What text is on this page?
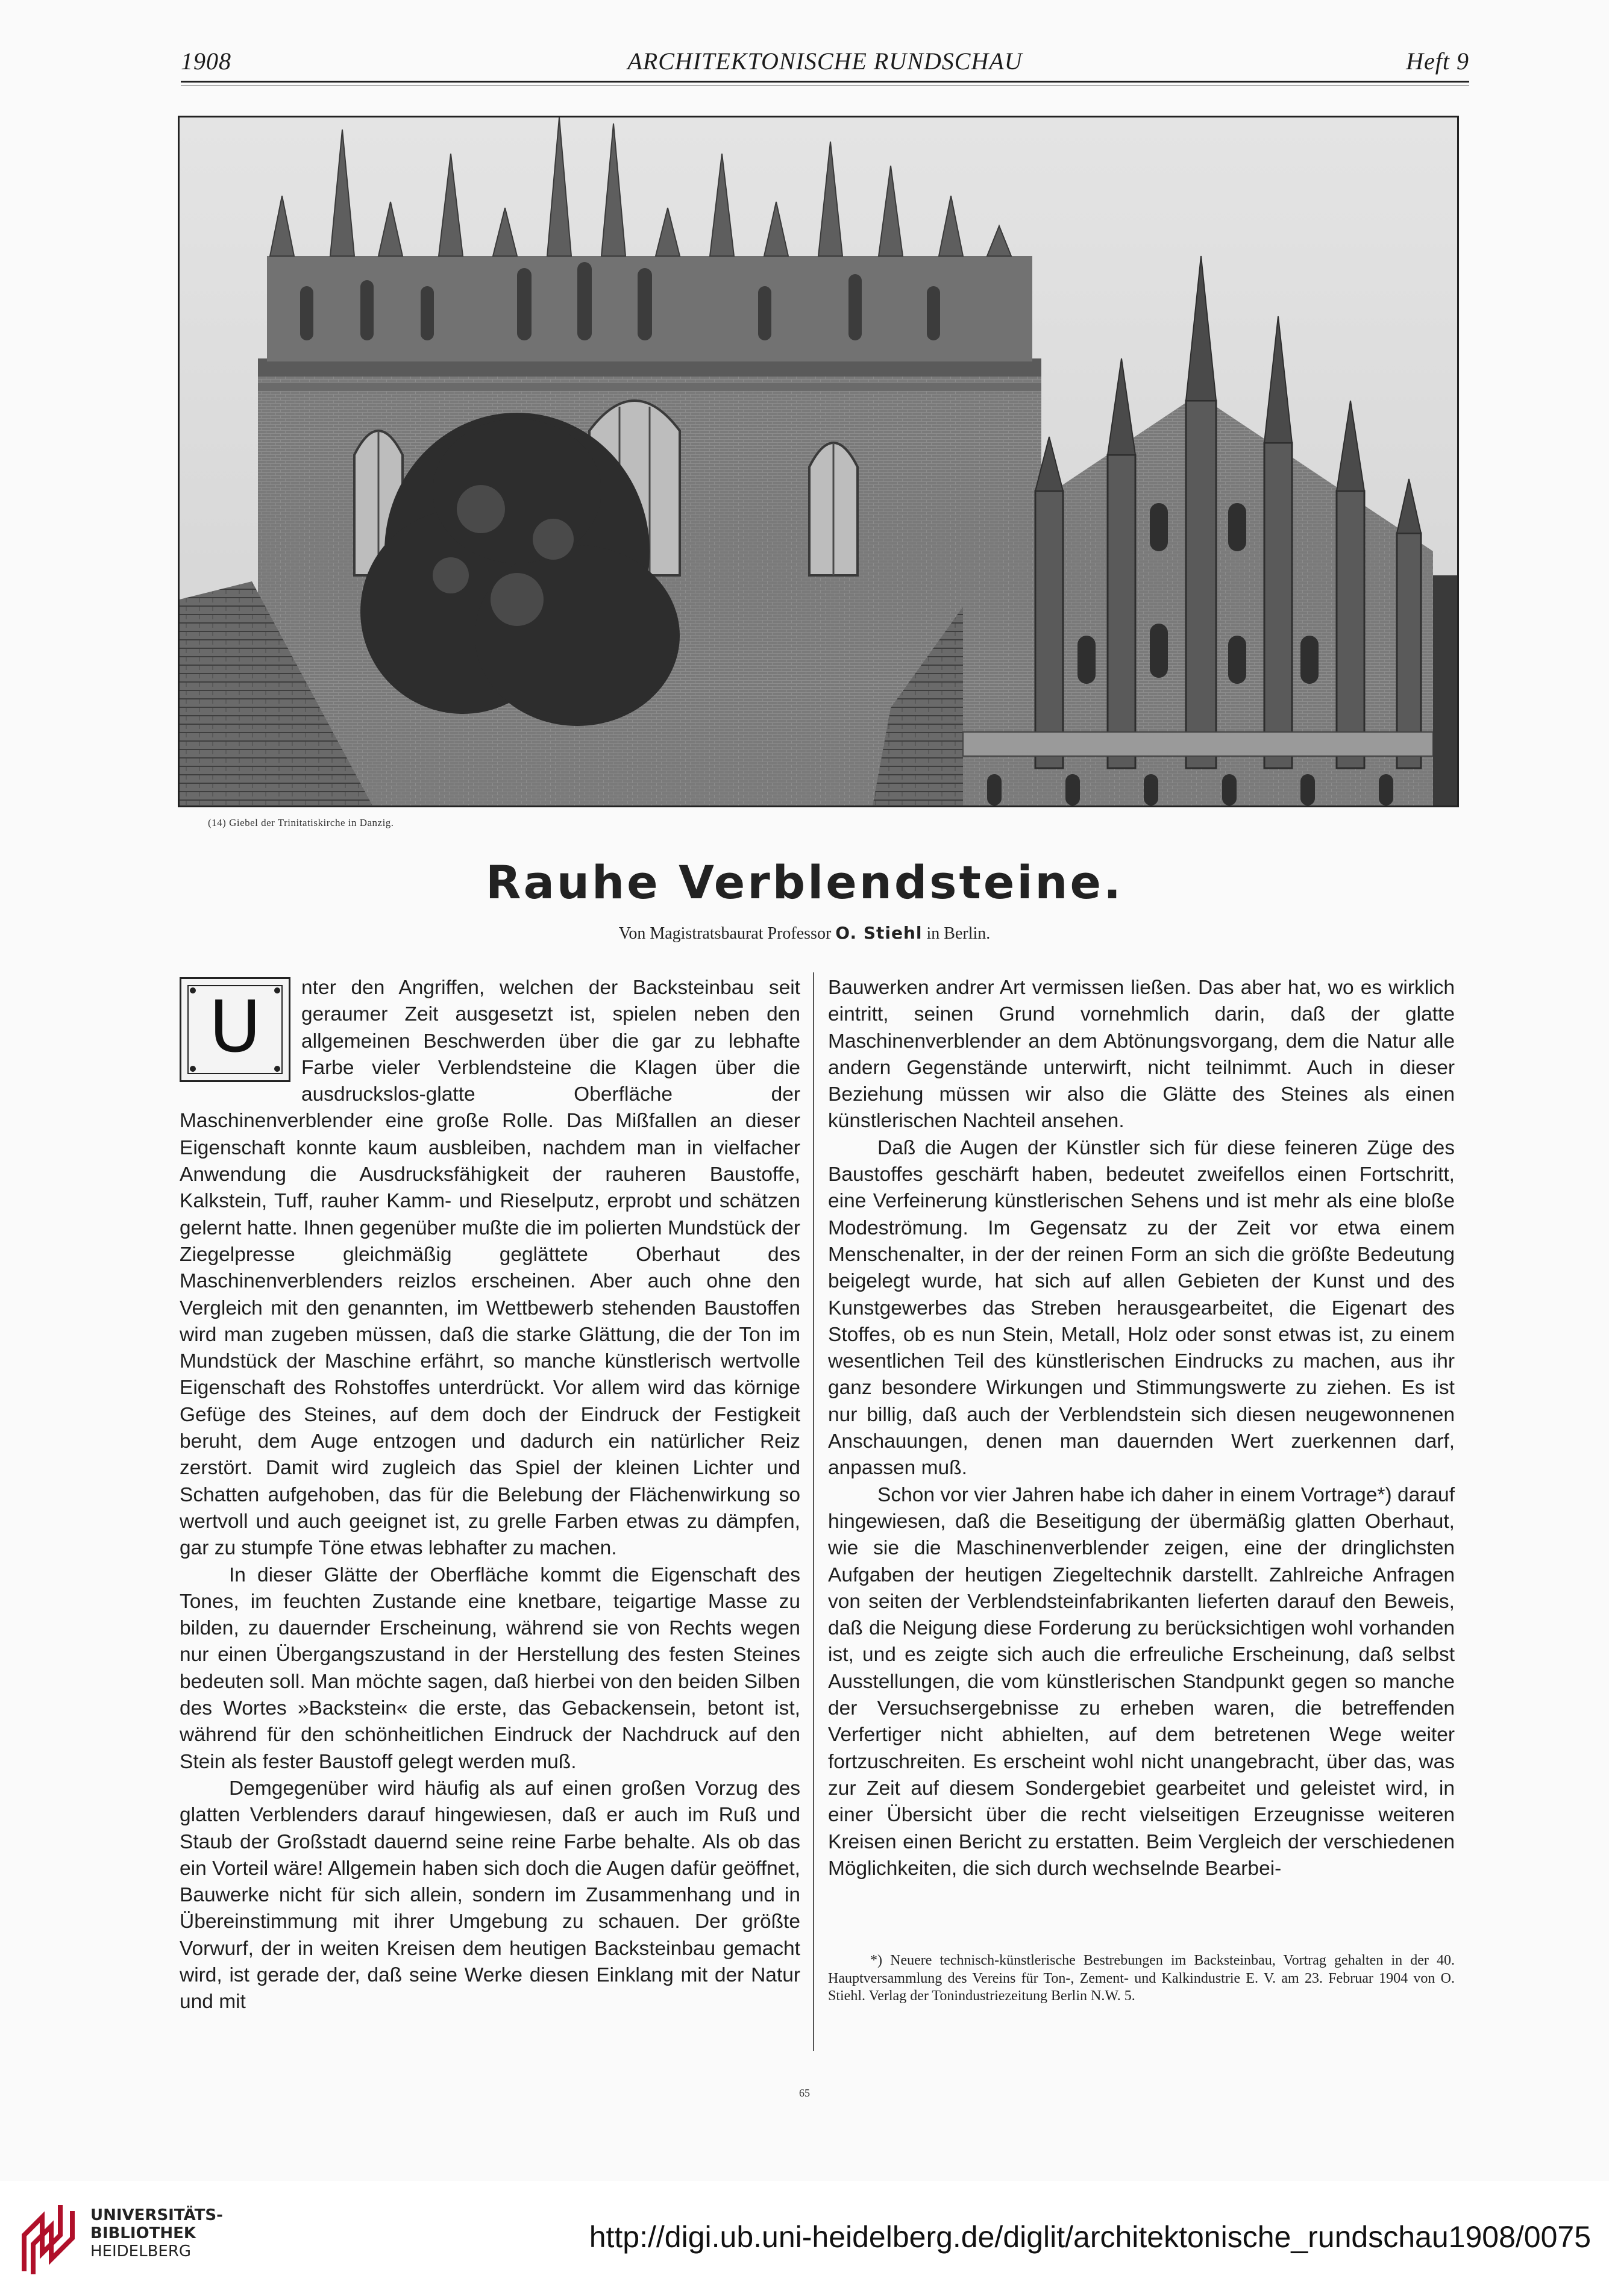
1908	ARCHITEKTONISCHE RUNDSCHAU	Heft 9
(14) Giebel der Trinitatiskirche in Danzig.
Rauhe Verblendsteine.
Von Magistratsbaurat Professor O. Stiehl in Berlin.
U	nter den Angriffen, welchen der Backsteinbau seit geraumer Zeit ausgesetzt ist, spielen neben den allgemeinen Beschwerden über die gar zu lebhafte Farbe vieler Verblendsteine die Klagen über die ausdruckslos-glatte Oberfläche der Maschinenverblender eine große Rolle. Das Mißfallen an dieser Eigenschaft konnte kaum ausbleiben, nachdem man in vielfacher Anwendung die Ausdrucksfähigkeit der rauheren Baustoffe, Kalkstein, Tuff, rauher Kamm- und Rieselputz, erprobt und schätzen gelernt hatte. Ihnen gegenüber mußte die im polierten Mundstück der Ziegelpresse gleichmäßig geglättete Oberhaut des Maschinenverblenders reizlos erscheinen. Aber auch ohne den Vergleich mit den genannten, im Wettbewerb stehenden Baustoffen wird man zugeben müssen, daß die starke Glättung, die der Ton im Mundstück der Maschine erfährt, so manche künstlerisch wertvolle Eigenschaft des Rohstoffes unterdrückt. Vor allem wird das körnige Gefüge des Steines, auf dem doch der Eindruck der Festigkeit beruht, dem Auge entzogen und dadurch ein natürlicher Reiz zerstört. Damit wird zugleich das Spiel der kleinen Lichter und Schatten aufgehoben, das für die Belebung der Flächenwirkung so wertvoll und auch geeignet ist, zu grelle Farben etwas zu dämpfen, gar zu stumpfe Töne etwas lebhafter zu machen.

In dieser Glätte der Oberfläche kommt die Eigenschaft des Tones, im feuchten Zustande eine knetbare, teigartige Masse zu bilden, zu dauernder Erscheinung, während sie von Rechts wegen nur einen Übergangszustand in der Herstellung des festen Steines bedeuten soll. Man möchte sagen, daß hierbei von den beiden Silben des Wortes »Backstein« die erste, das Gebackensein, betont ist, während für den schönheitlichen Eindruck der Nachdruck auf den Stein als fester Baustoff gelegt werden muß.

Demgegenüber wird häufig als auf einen großen Vorzug des glatten Verblenders darauf hingewiesen, daß er auch im Ruß und Staub der Großstadt dauernd seine reine Farbe behalte. Als ob das ein Vorteil wäre! Allgemein haben sich doch die Augen dafür geöffnet, Bauwerke nicht für sich allein, sondern im Zusammenhang und in Übereinstimmung mit ihrer Umgebung zu schauen. Der größte Vorwurf, der in weiten Kreisen dem heutigen Backsteinbau gemacht wird, ist gerade der, daß seine Werke diesen Einklang mit der Natur und mit

Bauwerken andrer Art vermissen ließen. Das aber hat, wo es wirklich eintritt, seinen Grund vornehmlich darin, daß der glatte Maschinenverblender an dem Abtönungsvorgang, dem die Natur alle andern Gegenstände unterwirft, nicht teilnimmt. Auch in dieser Beziehung müssen wir also die Glätte des Steines als einen künstlerischen Nachteil ansehen.

Daß die Augen der Künstler sich für diese feineren Züge des Baustoffes geschärft haben, bedeutet zweifellos einen Fortschritt, eine Verfeinerung künstlerischen Sehens und ist mehr als eine bloße Modeströmung. Im Gegensatz zu der Zeit vor etwa einem Menschenalter, in der der reinen Form an sich die größte Bedeutung beigelegt wurde, hat sich auf allen Gebieten der Kunst und des Kunstgewerbes das Streben herausgearbeitet, die Eigenart des Stoffes, ob es nun Stein, Metall, Holz oder sonst etwas ist, zu einem wesentlichen Teil des künstlerischen Eindrucks zu machen, aus ihr ganz besondere Wirkungen und Stimmungswerte zu ziehen. Es ist nur billig, daß auch der Verblendstein sich diesen neugewonnenen Anschauungen, denen man dauernden Wert zuerkennen darf, anpassen muß.

Schon vor vier Jahren habe ich daher in einem Vortrage*) darauf hingewiesen, daß die Beseitigung der übermäßig glatten Oberhaut, wie sie die Maschinenverblender zeigen, eine der dringlichsten Aufgaben der heutigen Ziegeltechnik darstellt. Zahlreiche Anfragen von seiten der Verblendsteinfabrikanten lieferten darauf den Beweis, daß die Neigung diese Forderung zu berücksichtigen wohl vorhanden ist, und es zeigte sich auch die erfreuliche Erscheinung, daß selbst Ausstellungen, die vom künstlerischen Standpunkt gegen so manche der Versuchsergebnisse zu erheben waren, die betreffenden Verfertiger nicht abhielten, auf dem betretenen Wege weiter fortzuschreiten. Es erscheint wohl nicht unangebracht, über das, was zur Zeit auf diesem Sondergebiet gearbeitet und geleistet wird, in einer Übersicht über die recht vielseitigen Erzeugnisse weiteren Kreisen einen Bericht zu erstatten. Beim Vergleich der verschiedenen Möglichkeiten, die sich durch wechselnde Bearbei-

*) Neuere technisch-künstlerische Bestrebungen im Backsteinbau, Vortrag gehalten in der 40. Hauptversammlung des Vereins für Ton-, Zement- und Kalkindustrie E. V. am 23. Februar 1904 von O. Stiehl. Verlag der Tonindustriezeitung Berlin N.W. 5.

65
UNIVERSITÄTS-
BIBLIOTHEK
HEIDELBERG	http://digi.ub.uni-heidelberg.de/diglit/architektonische_rundschau1908/0075
